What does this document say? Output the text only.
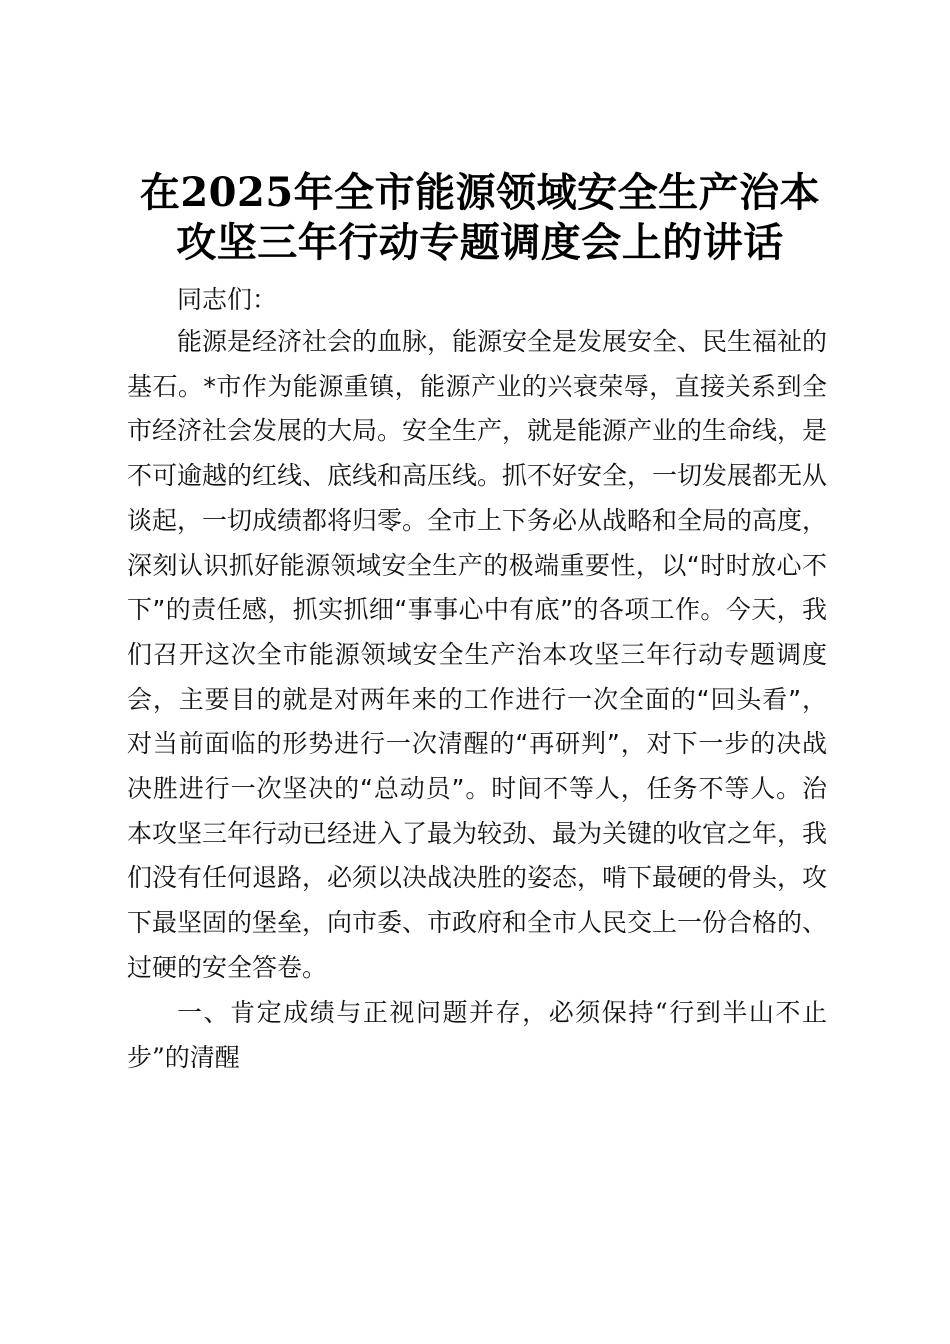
在2025年全市能源领域安全生产治本攻坚三年行动专题调度会上的讲话

同志们：

能源是经济社会的血脉，能源安全是发展安全、民生福祉的基石。*市作为能源重镇，能源产业的兴衰荣辱，直接关系到全市经济社会发展的大局。安全生产，就是能源产业的生命线，是不可逾越的红线、底线和高压线。抓不好安全，一切发展都无从谈起，一切成绩都将归零。全市上下务必从战略和全局的高度，深刻认识抓好能源领域安全生产的极端重要性，以“时时放心不下”的责任感，抓实抓细“事事心中有底”的各项工作。今天，我们召开这次全市能源领域安全生产治本攻坚三年行动专题调度会，主要目的就是对两年来的工作进行一次全面的“回头看”，对当前面临的形势进行一次清醒的“再研判”，对下一步的决战决胜进行一次坚决的“总动员”。时间不等人，任务不等人。治本攻坚三年行动已经进入了最为较劲、最为关键的收官之年，我们没有任何退路，必须以决战决胜的姿态，啃下最硬的骨头，攻下最坚固的堡垒，向市委、市政府和全市人民交上一份合格的、过硬的安全答卷。

一、肯定成绩与正视问题并存，必须保持“行到半山不止步”的清醒
